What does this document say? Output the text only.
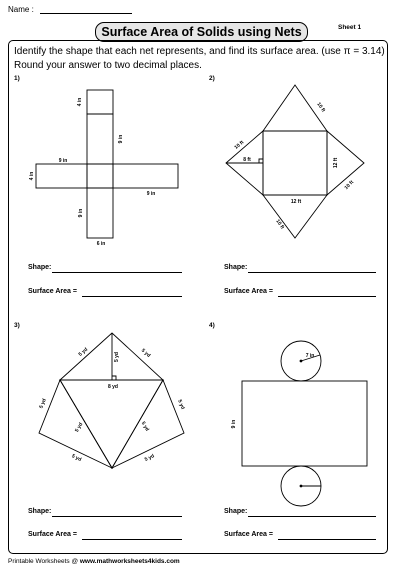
Name :
Surface Area of Solids using Nets	Sheet 1
Identify the shape that each net represents, and find its surface area. (use π = 3.14)
Round your answer to two decimal places.
1)	2)
3)	4)
4 in
9 in
9 in
4 in
9 in
9 in
6 in
10 ft
10 ft
8 ft	12 ft
12 ft
10 ft
10 ft
5 yd	5 yd	5 yd
8 yd
5 yd
5 yd	5 yd
5 yd
5 yd	5 yd
7 in
9 in
Shape:
Surface Area =
Shape:
Surface Area =
Shape:
Surface Area =
Shape:
Surface Area =
Printable Worksheets @ www.mathworksheets4kids.com
